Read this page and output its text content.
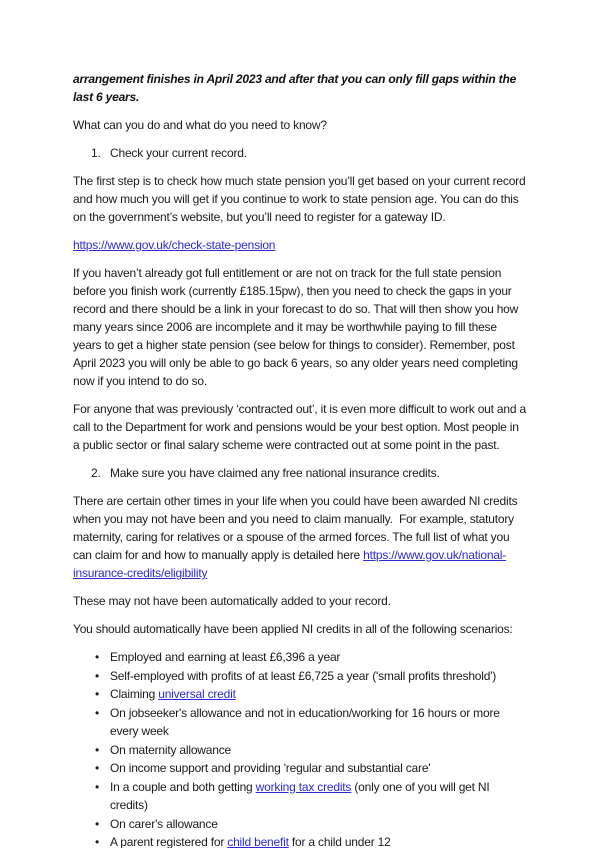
arrangement finishes in April 2023 and after that you can only fill gaps within the last 6 years.

What can you do and what do you need to know?

1. Check your current record.

The first step is to check how much state pension you’ll get based on your current record and how much you will get if you continue to work to state pension age. You can do this on the government’s website, but you’ll need to register for a gateway ID.

https://www.gov.uk/check-state-pension

If you haven’t already got full entitlement or are not on track for the full state pension before you finish work (currently £185.15pw), then you need to check the gaps in your record and there should be a link in your forecast to do so. That will then show you how many years since 2006 are incomplete and it may be worthwhile paying to fill these years to get a higher state pension (see below for things to consider). Remember, post April 2023 you will only be able to go back 6 years, so any older years need completing now if you intend to do so.

For anyone that was previously ‘contracted out’, it is even more difficult to work out and a call to the Department for work and pensions would be your best option. Most people in a public sector or final salary scheme were contracted out at some point in the past.

2. Make sure you have claimed any free national insurance credits.

There are certain other times in your life when you could have been awarded NI credits when you may not have been and you need to claim manually.  For example, statutory maternity, caring for relatives or a spouse of the armed forces. The full list of what you can claim for and how to manually apply is detailed here https://www.gov.uk/national-insurance-credits/eligibility

These may not have been automatically added to your record.

You should automatically have been applied NI credits in all of the following scenarios:

• Employed and earning at least £6,396 a year
• Self-employed with profits of at least £6,725 a year ('small profits threshold')
• Claiming universal credit
• On jobseeker's allowance and not in education/working for 16 hours or more every week
• On maternity allowance
• On income support and providing 'regular and substantial care'
• In a couple and both getting working tax credits (only one of you will get NI credits)
• On carer's allowance
• A parent registered for child benefit for a child under 12
